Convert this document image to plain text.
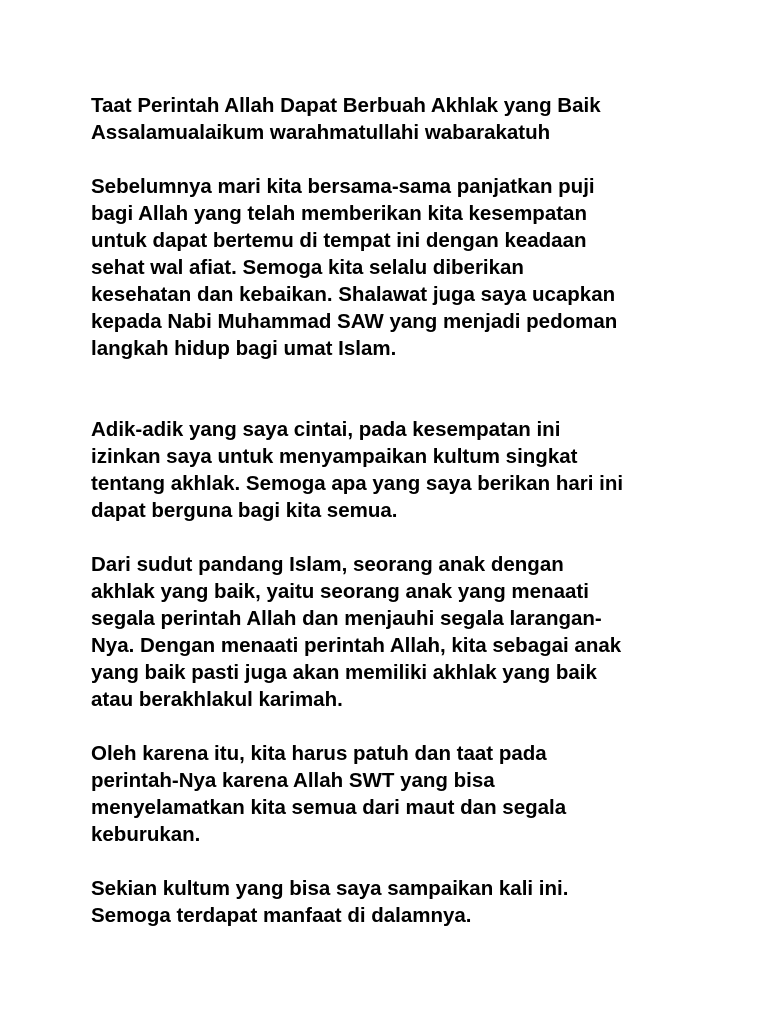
Taat Perintah Allah Dapat Berbuah Akhlak yang Baik
Assalamualaikum warahmatullahi wabarakatuh
Sebelumnya mari kita bersama-sama panjatkan puji
bagi Allah yang telah memberikan kita kesempatan
untuk dapat bertemu di tempat ini dengan keadaan
sehat wal afiat. Semoga kita selalu diberikan
kesehatan dan kebaikan. Shalawat juga saya ucapkan
kepada Nabi Muhammad SAW yang menjadi pedoman
langkah hidup bagi umat Islam.
Adik-adik yang saya cintai, pada kesempatan ini
izinkan saya untuk menyampaikan kultum singkat
tentang akhlak. Semoga apa yang saya berikan hari ini
dapat berguna bagi kita semua.
Dari sudut pandang Islam, seorang anak dengan
akhlak yang baik, yaitu seorang anak yang menaati
segala perintah Allah dan menjauhi segala larangan-
Nya. Dengan menaati perintah Allah, kita sebagai anak
yang baik pasti juga akan memiliki akhlak yang baik
atau berakhlakul karimah.
Oleh karena itu, kita harus patuh dan taat pada
perintah-Nya karena Allah SWT yang bisa
menyelamatkan kita semua dari maut dan segala
keburukan.
Sekian kultum yang bisa saya sampaikan kali ini.
Semoga terdapat manfaat di dalamnya.
